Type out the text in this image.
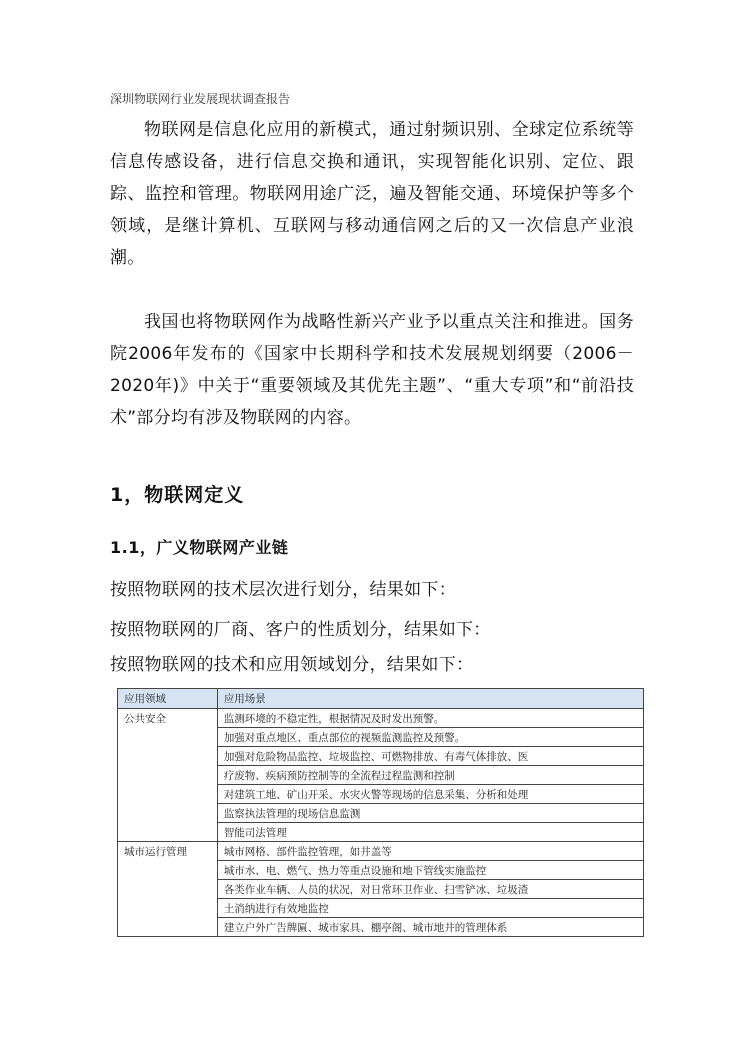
深圳物联网行业发展现状调查报告
物联网是信息化应用的新模式，通过射频识别、全球定位系统等信息传感设备，进行信息交换和通讯，实现智能化识别、定位、跟踪、监控和管理。物联网用途广泛，遍及智能交通、环境保护等多个领域，是继计算机、互联网与移动通信网之后的又一次信息产业浪潮。
我国也将物联网作为战略性新兴产业予以重点关注和推进。国务院2006年发布的《国家中长期科学和技术发展规划纲要（2006－2020年)》中关于“重要领域及其优先主题”、“重大专项”和“前沿技术”部分均有涉及物联网的内容。
1，物联网定义
1.1，广义物联网产业链
按照物联网的技术层次进行划分，结果如下：
按照物联网的厂商、客户的性质划分，结果如下：
按照物联网的技术和应用领域划分，结果如下：
应用领域	应用场景
公共安全	监测环境的不稳定性，根据情况及时发出预警。
	加强对重点地区、重点部位的视频监测监控及预警。
	加强对危险物品监控、垃圾监控、可燃物排放、有毒气体排放、医
	疗废物、疾病预防控制等的全流程过程监测和控制
	对建筑工地、矿山开采、水灾火警等现场的信息采集、分析和处理
	监察执法管理的现场信息监测
	智能司法管理
城市运行管理	城市网格、部件监控管理，如井盖等
	城市水、电、燃气、热力等重点设施和地下管线实施监控
	各类作业车辆、人员的状况，对日常环卫作业、扫雪铲冰、垃圾渣
	土消纳进行有效地监控
	建立户外广告牌匾、城市家具、棚亭阁、城市地井的管理体系
